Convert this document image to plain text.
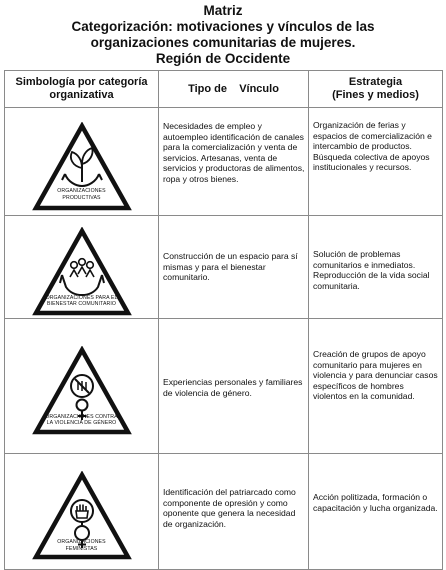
Matriz
Categorización: motivaciones y vínculos de las
organizaciones comunitarias de mujeres.
Región de Occidente
Simbología por categoría organizativa	Tipo de    Vínculo	Estrategia
(Fines y medios)

ORGANIZACIONES PRODUCTIVAS	Necesidades de empleo y autoempleo identificación de canales para la comercialización y venta de servicios. Artesanas, venta de servicios y productoras de alimentos, ropa y otros bienes.	Organización de ferias y espacios de comercialización e intercambio de productos. Búsqueda colectiva de apoyos institucionales y recursos.

ORGANIZACIONES PARA EL BIENESTAR COMUNITARIO	Construcción de un espacio para sí mismas y para el bienestar comunitario.	Solución de problemas comunitarios e inmediatos. Reproducción de la vida social comunitaria.

ORGANIZACIONES CONTRA LA VIOLENCIA DE GÉNERO	Experiencias personales y familiares de violencia de género.	Creación de grupos de apoyo comunitario para mujeres en violencia y para denunciar casos específicos de hombres violentos en la comunidad.

ORGANIZACIONES FEMINISTAS	Identificación del patriarcado como componente de opresión y como oponente que genera la necesidad de organización.	Acción politizada, formación o capacitación y lucha organizada.
